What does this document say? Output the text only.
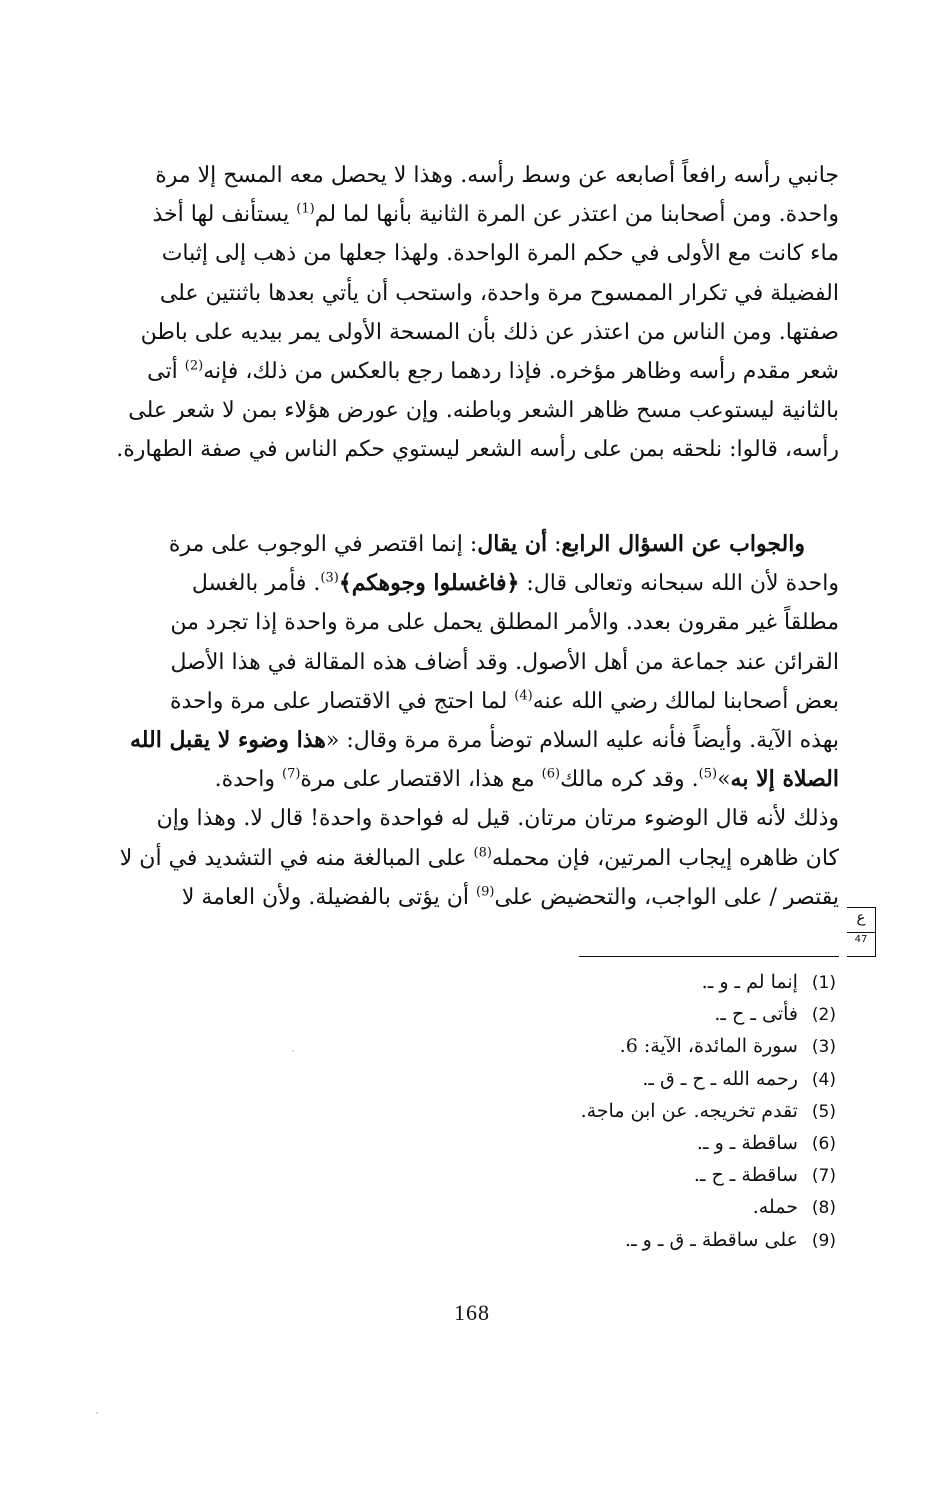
جانبي رأسه رافعاً أصابعه عن وسط رأسه. وهذا لا يحصل معه المسح إلا مرة
واحدة. ومن أصحابنا من اعتذر عن المرة الثانية بأنها لما لم$^{(1)}$ يستأنف لها أخذ
ماء كانت مع الأولى في حكم المرة الواحدة. ولهذا جعلها من ذهب إلى إثبات
الفضيلة في تكرار الممسوح مرة واحدة، واستحب أن يأتي بعدها باثنتين على
صفتها. ومن الناس من اعتذر عن ذلك بأن المسحة الأولى يمر بيديه على باطن
شعر مقدم رأسه وظاهر مؤخره. فإذا ردهما رجع بالعكس من ذلك، فإنه$^{(2)}$ أتى
بالثانية ليستوعب مسح ظاهر الشعر وباطنه. وإن عورض هؤلاء بمن لا شعر على
رأسه، قالوا: نلحقه بمن على رأسه الشعر ليستوي حكم الناس في صفة الطهارة.
والجواب عن السؤال الرابع: أن يقال: إنما اقتصر في الوجوب على مرة
واحدة لأن الله سبحانه وتعالى قال: ﴿فاغسلوا وجوهكم﴾$^{(3)}$. فأمر بالغسل
مطلقاً غير مقرون بعدد. والأمر المطلق يحمل على مرة واحدة إذا تجرد من
القرائن عند جماعة من أهل الأصول. وقد أضاف هذه المقالة في هذا الأصل
بعض أصحابنا لمالك رضي الله عنه$^{(4)}$ لما احتج في الاقتصار على مرة واحدة
بهذه الآية. وأيضاً فأنه عليه السلام توضأ مرة مرة وقال: «هذا وضوء لا يقبل الله
الصلاة إلا به»$^{(5)}$. وقد كره مالك$^{(6)}$ مع هذا، الاقتصار على مرة$^{(7)}$ واحدة.
وذلك لأنه قال الوضوء مرتان مرتان. قيل له فواحدة واحدة! قال لا. وهذا وإن
كان ظاهره إيجاب المرتين، فإن محمله$^{(8)}$ على المبالغة منه في التشديد في أن لا
يقتصر / على الواجب، والتحضيض على$^{(9)}$ أن يؤتى بالفضيلة. ولأن العامة لا
ع
47
(1) إنما لم ـ و ـ.
(2) فأتى ـ ح ـ.
(3) سورة المائدة، الآية: 6.
(4) رحمه الله ـ ح ـ ق ـ.
(5) تقدم تخريجه. عن ابن ماجة.
(6) ساقطة ـ و ـ.
(7) ساقطة ـ ح ـ.
(8) حمله.
(9) على ساقطة ـ ق ـ و ـ.
168
